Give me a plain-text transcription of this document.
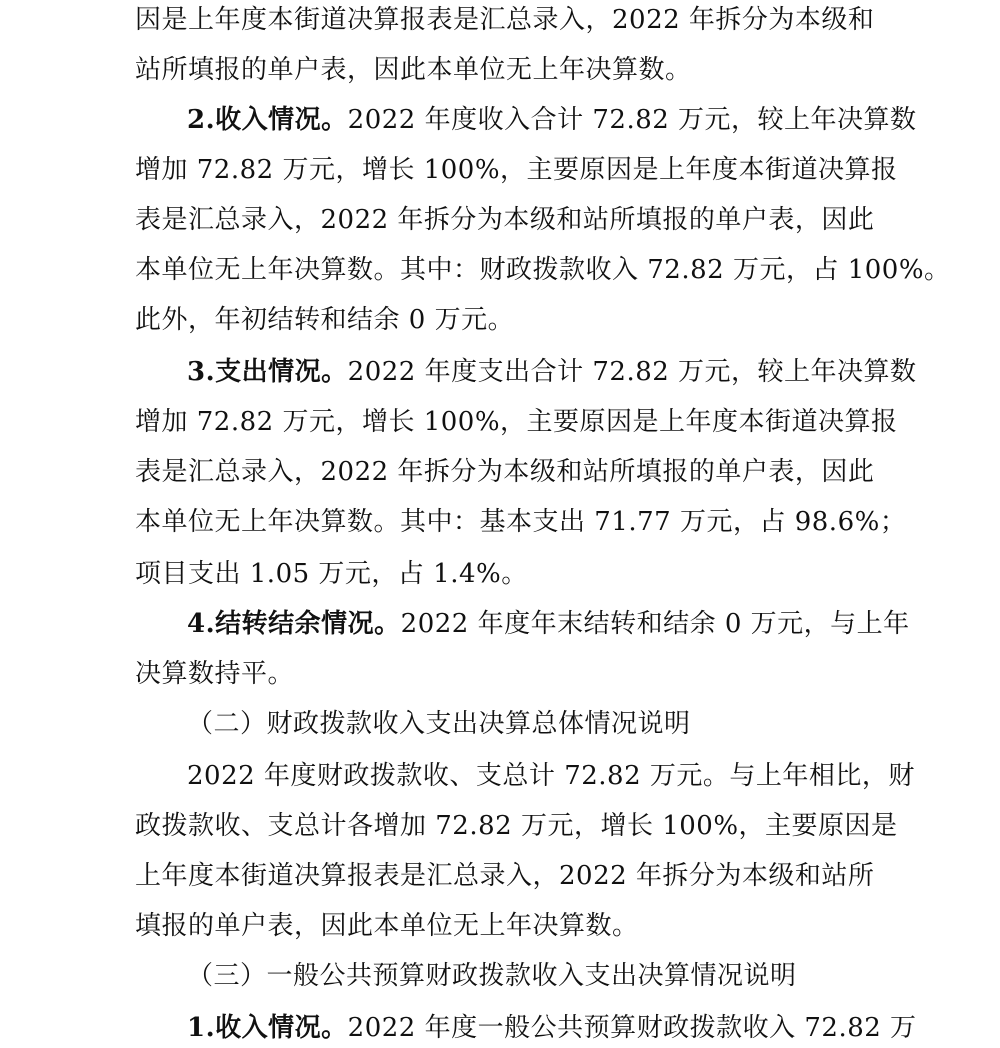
因是上年度本街道决算报表是汇总录入，2022 年拆分为本级和
站所填报的单户表，因此本单位无上年决算数。
2.收入情况。2022 年度收入合计 72.82 万元，较上年决算数
增加 72.82 万元，增长 100%，主要原因是上年度本街道决算报
表是汇总录入，2022 年拆分为本级和站所填报的单户表，因此
本单位无上年决算数。其中：财政拨款收入 72.82 万元，占 100%。
此外，年初结转和结余 0 万元。
3.支出情况。2022 年度支出合计 72.82 万元，较上年决算数
增加 72.82 万元，增长 100%，主要原因是上年度本街道决算报
表是汇总录入，2022 年拆分为本级和站所填报的单户表，因此
本单位无上年决算数。其中：基本支出 71.77 万元，占 98.6%；
项目支出 1.05 万元，占 1.4%。
4.结转结余情况。2022 年度年末结转和结余 0 万元，与上年
决算数持平。
（二）财政拨款收入支出决算总体情况说明
2022 年度财政拨款收、支总计 72.82 万元。与上年相比，财
政拨款收、支总计各增加 72.82 万元，增长 100%，主要原因是
上年度本街道决算报表是汇总录入，2022 年拆分为本级和站所
填报的单户表，因此本单位无上年决算数。
（三）一般公共预算财政拨款收入支出决算情况说明
1.收入情况。2022 年度一般公共预算财政拨款收入 72.82 万
